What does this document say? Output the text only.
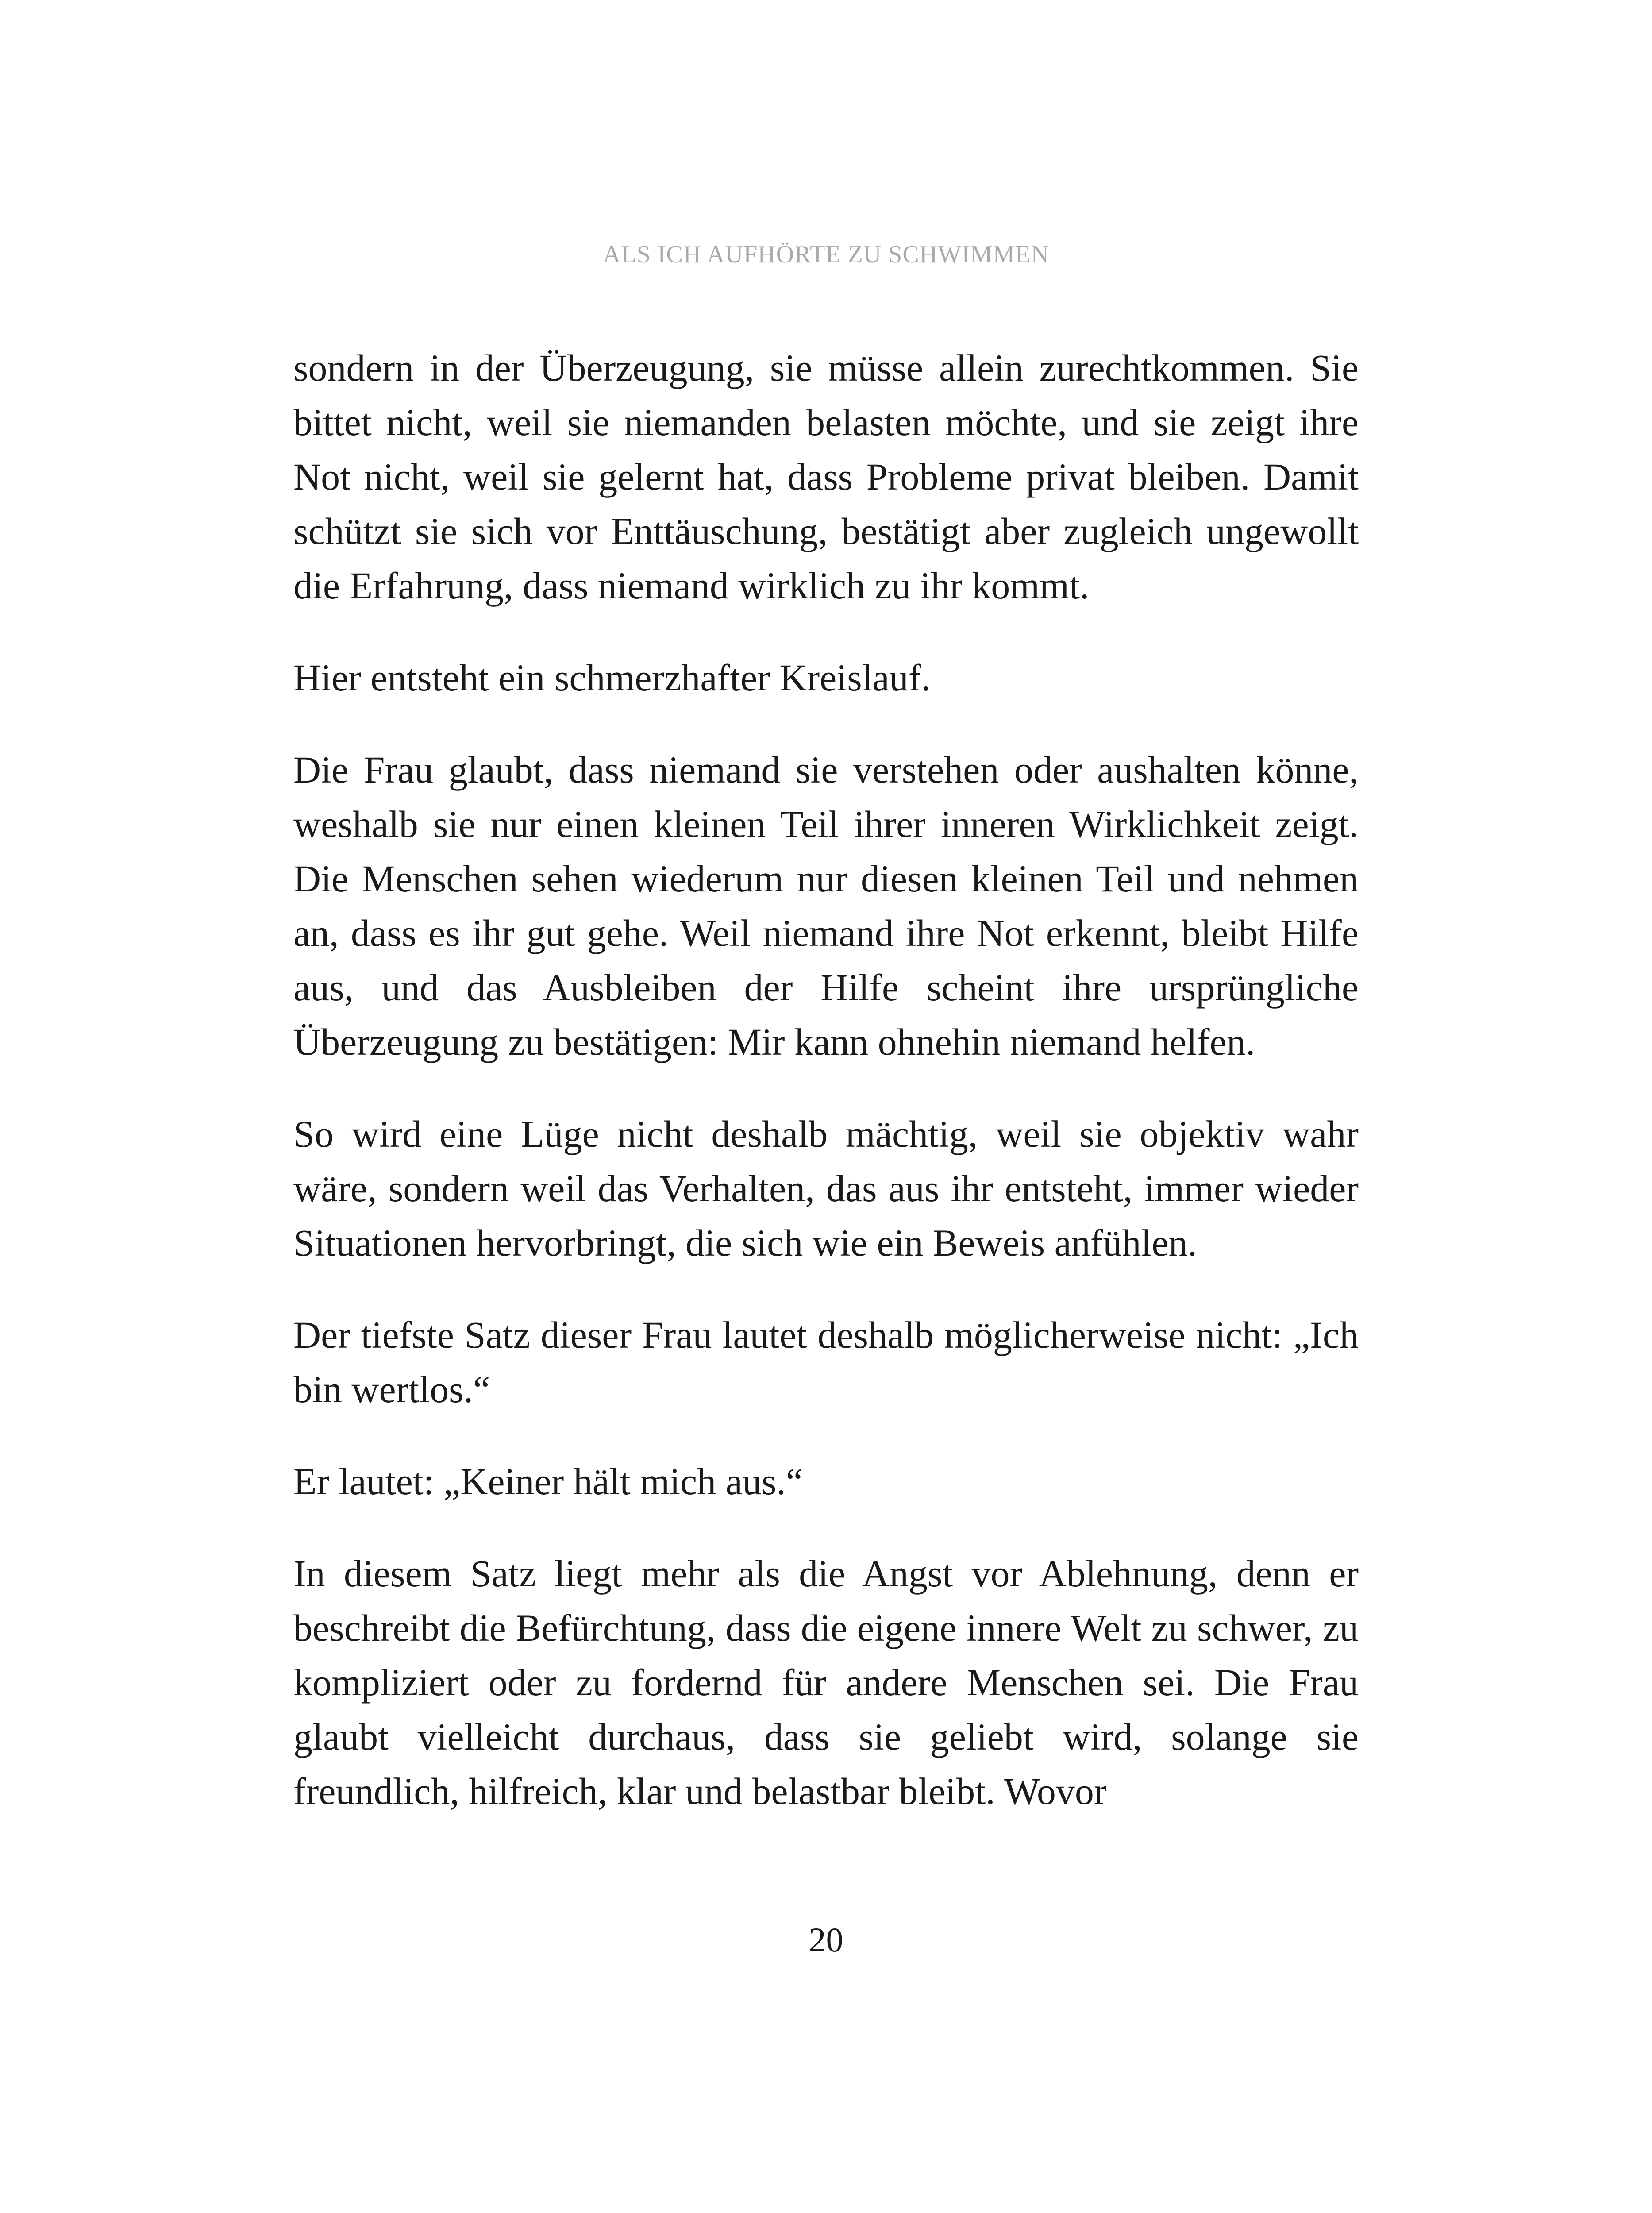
ALS ICH AUFHÖRTE ZU SCHWIMMEN

sondern in der Überzeugung, sie müsse allein zurechtkommen. Sie bittet nicht, weil sie niemanden belasten möchte, und sie zeigt ihre Not nicht, weil sie gelernt hat, dass Probleme privat bleiben. Damit schützt sie sich vor Enttäuschung, bestätigt aber zugleich ungewollt die Erfahrung, dass niemand wirklich zu ihr kommt.

Hier entsteht ein schmerzhafter Kreislauf.

Die Frau glaubt, dass niemand sie verstehen oder aushalten könne, weshalb sie nur einen kleinen Teil ihrer inneren Wirklichkeit zeigt. Die Menschen sehen wiederum nur diesen kleinen Teil und nehmen an, dass es ihr gut gehe. Weil niemand ihre Not erkennt, bleibt Hilfe aus, und das Ausbleiben der Hilfe scheint ihre ursprüngliche Überzeugung zu bestätigen: Mir kann ohnehin niemand helfen.

So wird eine Lüge nicht deshalb mächtig, weil sie objektiv wahr wäre, sondern weil das Verhalten, das aus ihr entsteht, immer wieder Situationen hervorbringt, die sich wie ein Beweis anfühlen.

Der tiefste Satz dieser Frau lautet deshalb möglicherweise nicht: „Ich bin wertlos.“

Er lautet: „Keiner hält mich aus.“

In diesem Satz liegt mehr als die Angst vor Ablehnung, denn er beschreibt die Befürchtung, dass die eigene innere Welt zu schwer, zu kompliziert oder zu fordernd für andere Menschen sei. Die Frau glaubt vielleicht durchaus, dass sie geliebt wird, solange sie freundlich, hilfreich, klar und belastbar bleibt. Wovor

20
